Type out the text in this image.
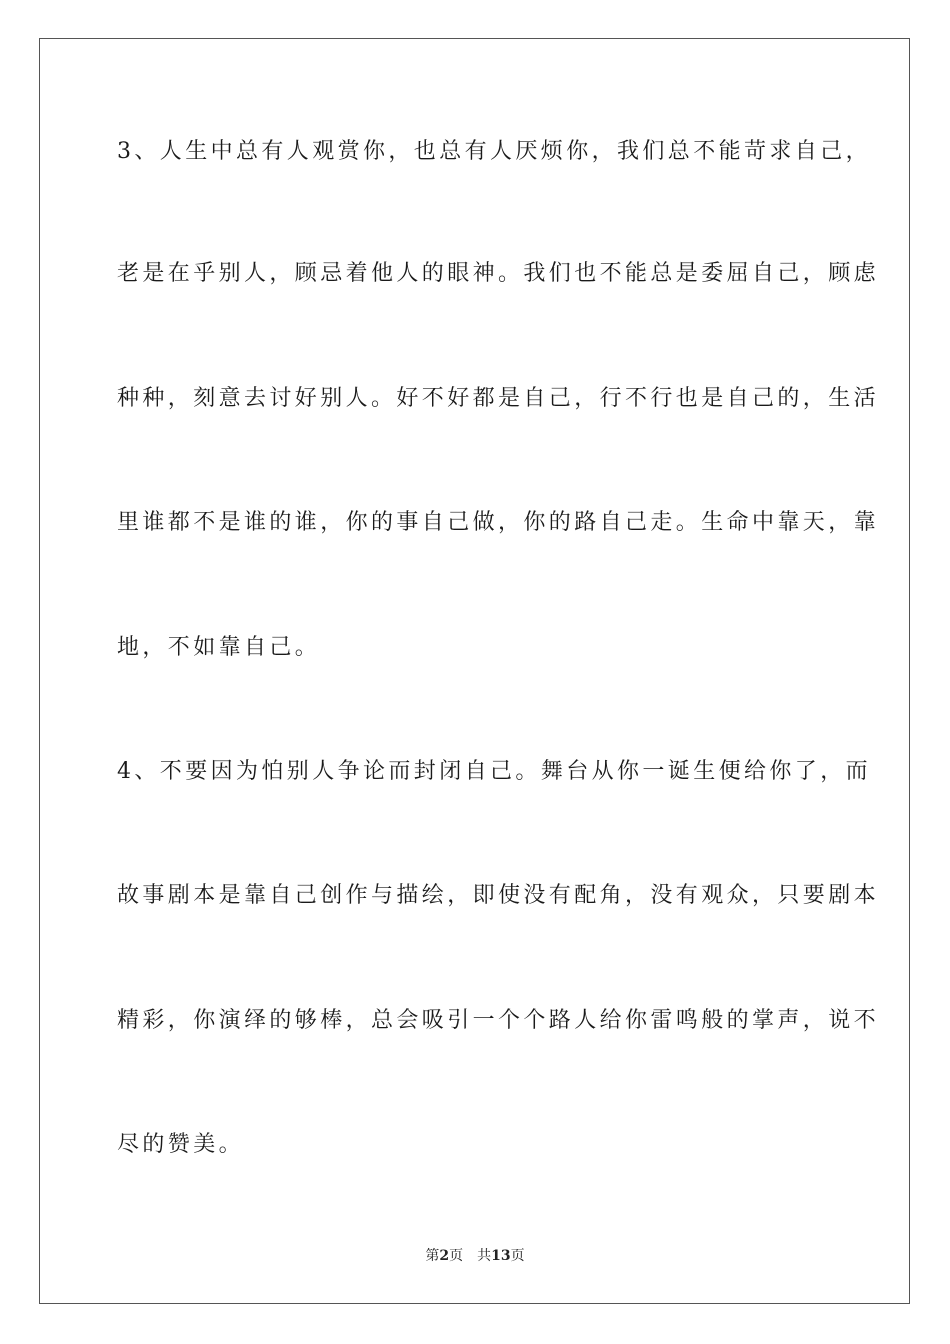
3、人生中总有人观赏你，也总有人厌烦你，我们总不能苛求自己，
老是在乎别人，顾忌着他人的眼神。我们也不能总是委屈自己，顾虑
种种，刻意去讨好别人。好不好都是自己，行不行也是自己的，生活
里谁都不是谁的谁，你的事自己做，你的路自己走。生命中靠天，靠
地，不如靠自己。
4、不要因为怕别人争论而封闭自己。舞台从你一诞生便给你了，而
故事剧本是靠自己创作与描绘，即使没有配角，没有观众，只要剧本
精彩，你演绎的够棒，总会吸引一个个路人给你雷鸣般的掌声，说不
尽的赞美。
第2页 共13页
